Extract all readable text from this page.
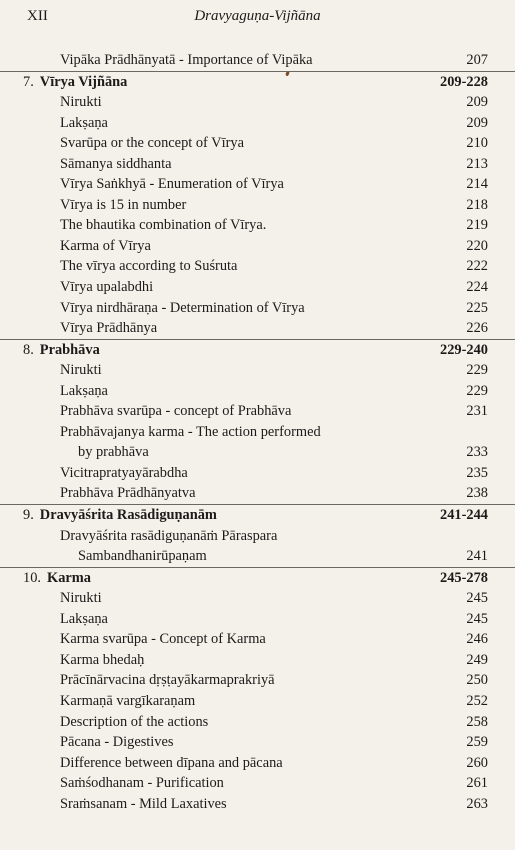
XII	Dravyaguṇa-Vijñāna
Vipāka Prādhānyatā - Importance of Vipāka	207
7. Vīrya Vijñāna	209-228
Nirukti	209
Lakṣaṇa	209
Svarūpa or the concept of Vīrya	210
Sāmanya siddhanta	213
Vīrya Saṅkhyā - Enumeration of Vīrya	214
Vīrya is 15 in number	218
The bhautika combination of Vīrya.	219
Karma of Vīrya	220
The vīrya according to Suśruta	222
Vīrya upalabdhi	224
Vīrya nirdhāraṇa - Determination of Vīrya	225
Vīrya Prādhānya	226
8. Prabhāva	229-240
Nirukti	229
Lakṣaṇa	229
Prabhāva svarūpa - concept of Prabhāva	231
Prabhāvajanya karma - The action performed
by prabhāva	233
Vicitrapratyayārabdha	235
Prabhāva Prādhānyatva	238
9. Dravyāśrita Rasādiguṇanām	241-244
Dravyāśrita rasādiguṇanāṁ Pāraspara
Sambandhanirūpaṇam	241
10. Karma	245-278
Nirukti	245
Lakṣaṇa	245
Karma svarūpa - Concept of Karma	246
Karma bhedaḥ	249
Prācīnārvacina dṛṣṭayākarmaprakriyā	250
Karmaṇā vargīkaraṇam	252
Description of the actions	258
Pācana - Digestives	259
Difference between dīpana and pācana	260
Saṁśodhanam - Purification	261
Sraṁsanam - Mild Laxatives	263
